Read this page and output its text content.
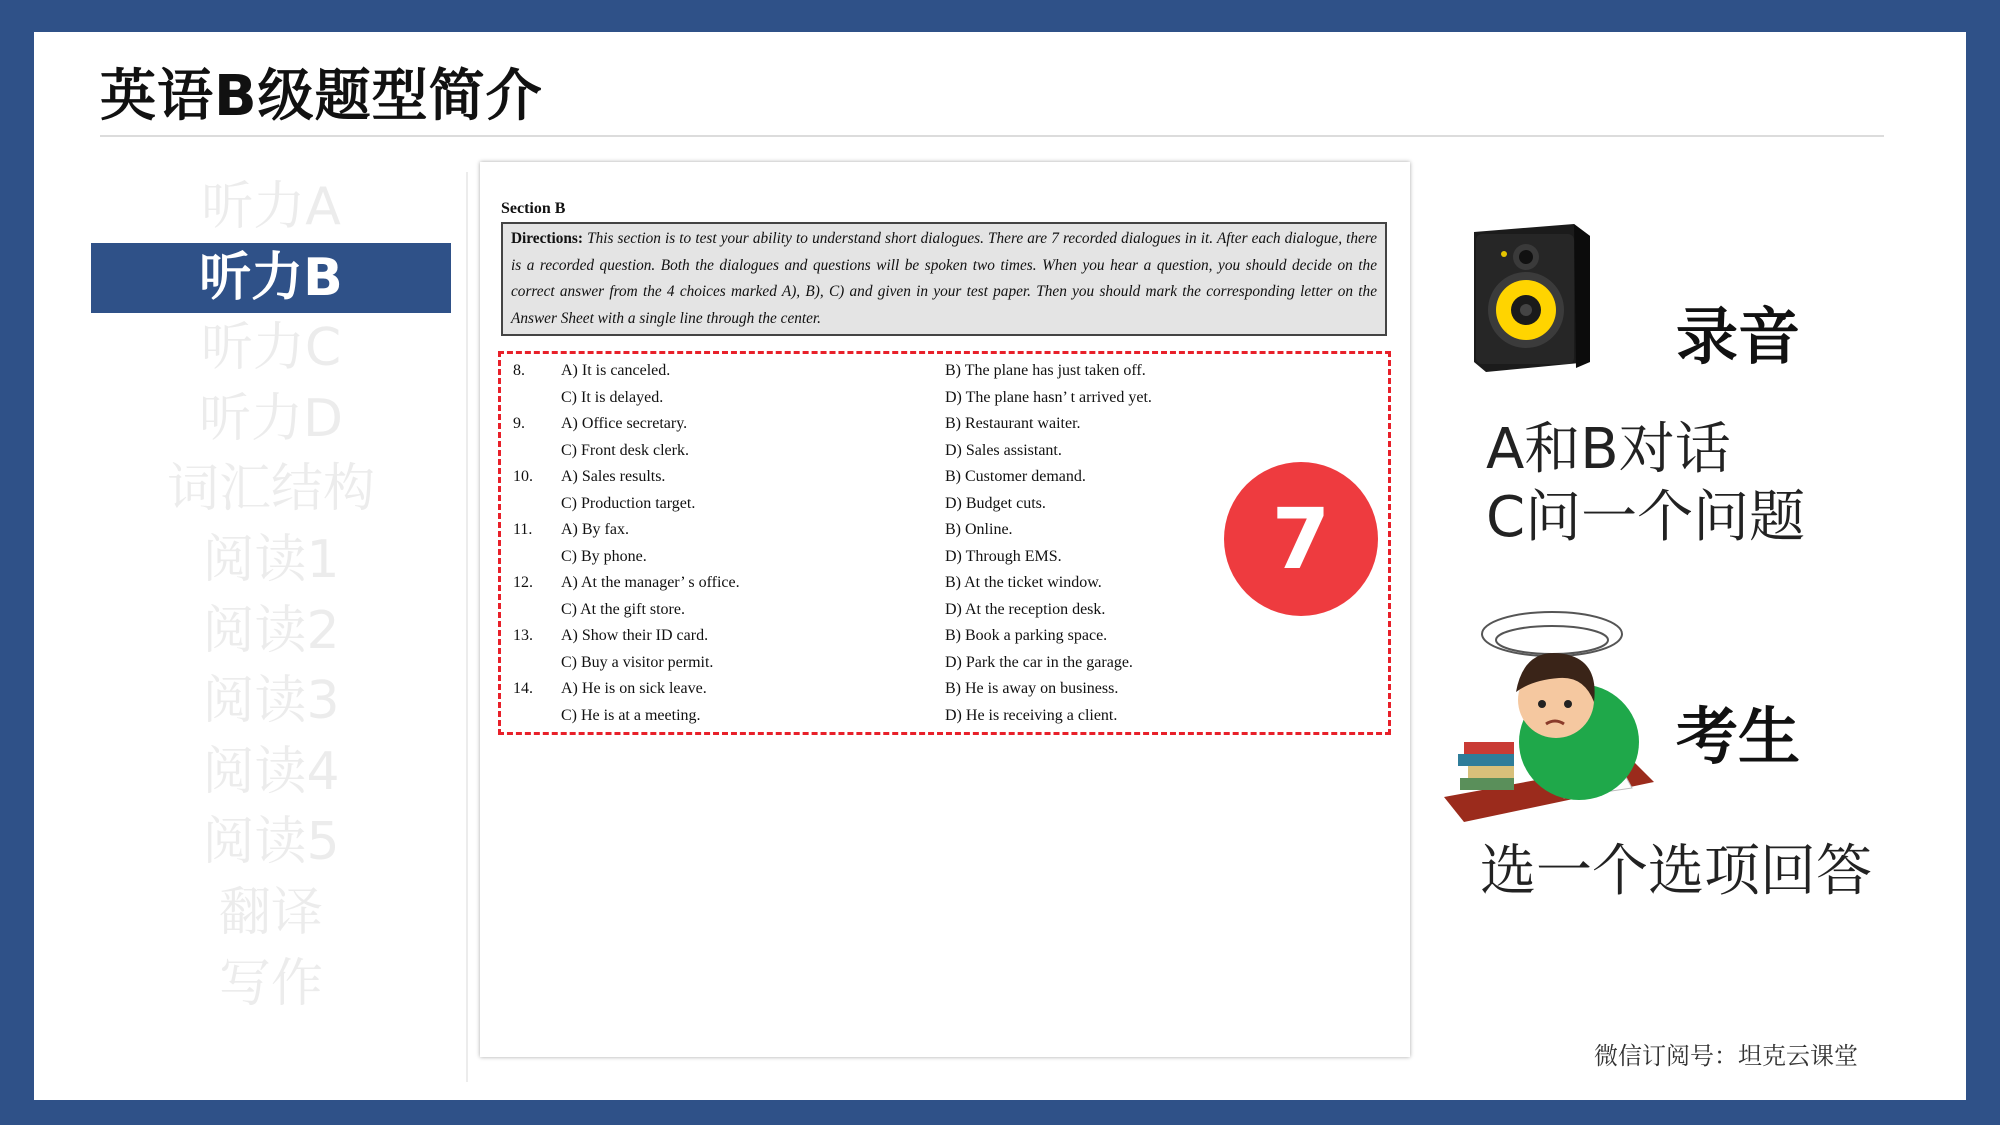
英语B级题型简介
听力A
听力B
听力C
听力D
词汇结构
阅读1
阅读2
阅读3
阅读4
阅读5
翻译
写作
Section B
Directions: This section is to test your ability to understand short dialogues. There are 7 recorded dialogues in it. After each dialogue, there is a recorded question. Both the dialogues and questions will be spoken two times. When you hear a question, you should decide on the correct answer from the 4 choices marked A), B), C) and given in your test paper. Then you should mark the corresponding letter on the Answer Sheet with a single line through the center.
8. A) It is canceled.	B) The plane has just taken off.
C) It is delayed.	D) The plane hasn’ t arrived yet.
9. A) Office secretary.	B) Restaurant waiter.
C) Front desk clerk.	D) Sales assistant.
10. A) Sales results.	B) Customer demand.
C) Production target.	D) Budget cuts.
11. A) By fax.	B) Online.
C) By phone.	D) Through EMS.
12. A) At the manager’ s office.	B) At the ticket window.
C) At the gift store.	D) At the reception desk.
13. A) Show their ID card.	B) Book a parking space.
C) Buy a visitor permit.	D) Park the car in the garage.
14. A) He is on sick leave.	B) He is away on business.
C) He is at a meeting.	D) He is receiving a client.
7
录音
A和B对话
C问一个问题
考生
选一个选项回答
微信订阅号：坦克云课堂
